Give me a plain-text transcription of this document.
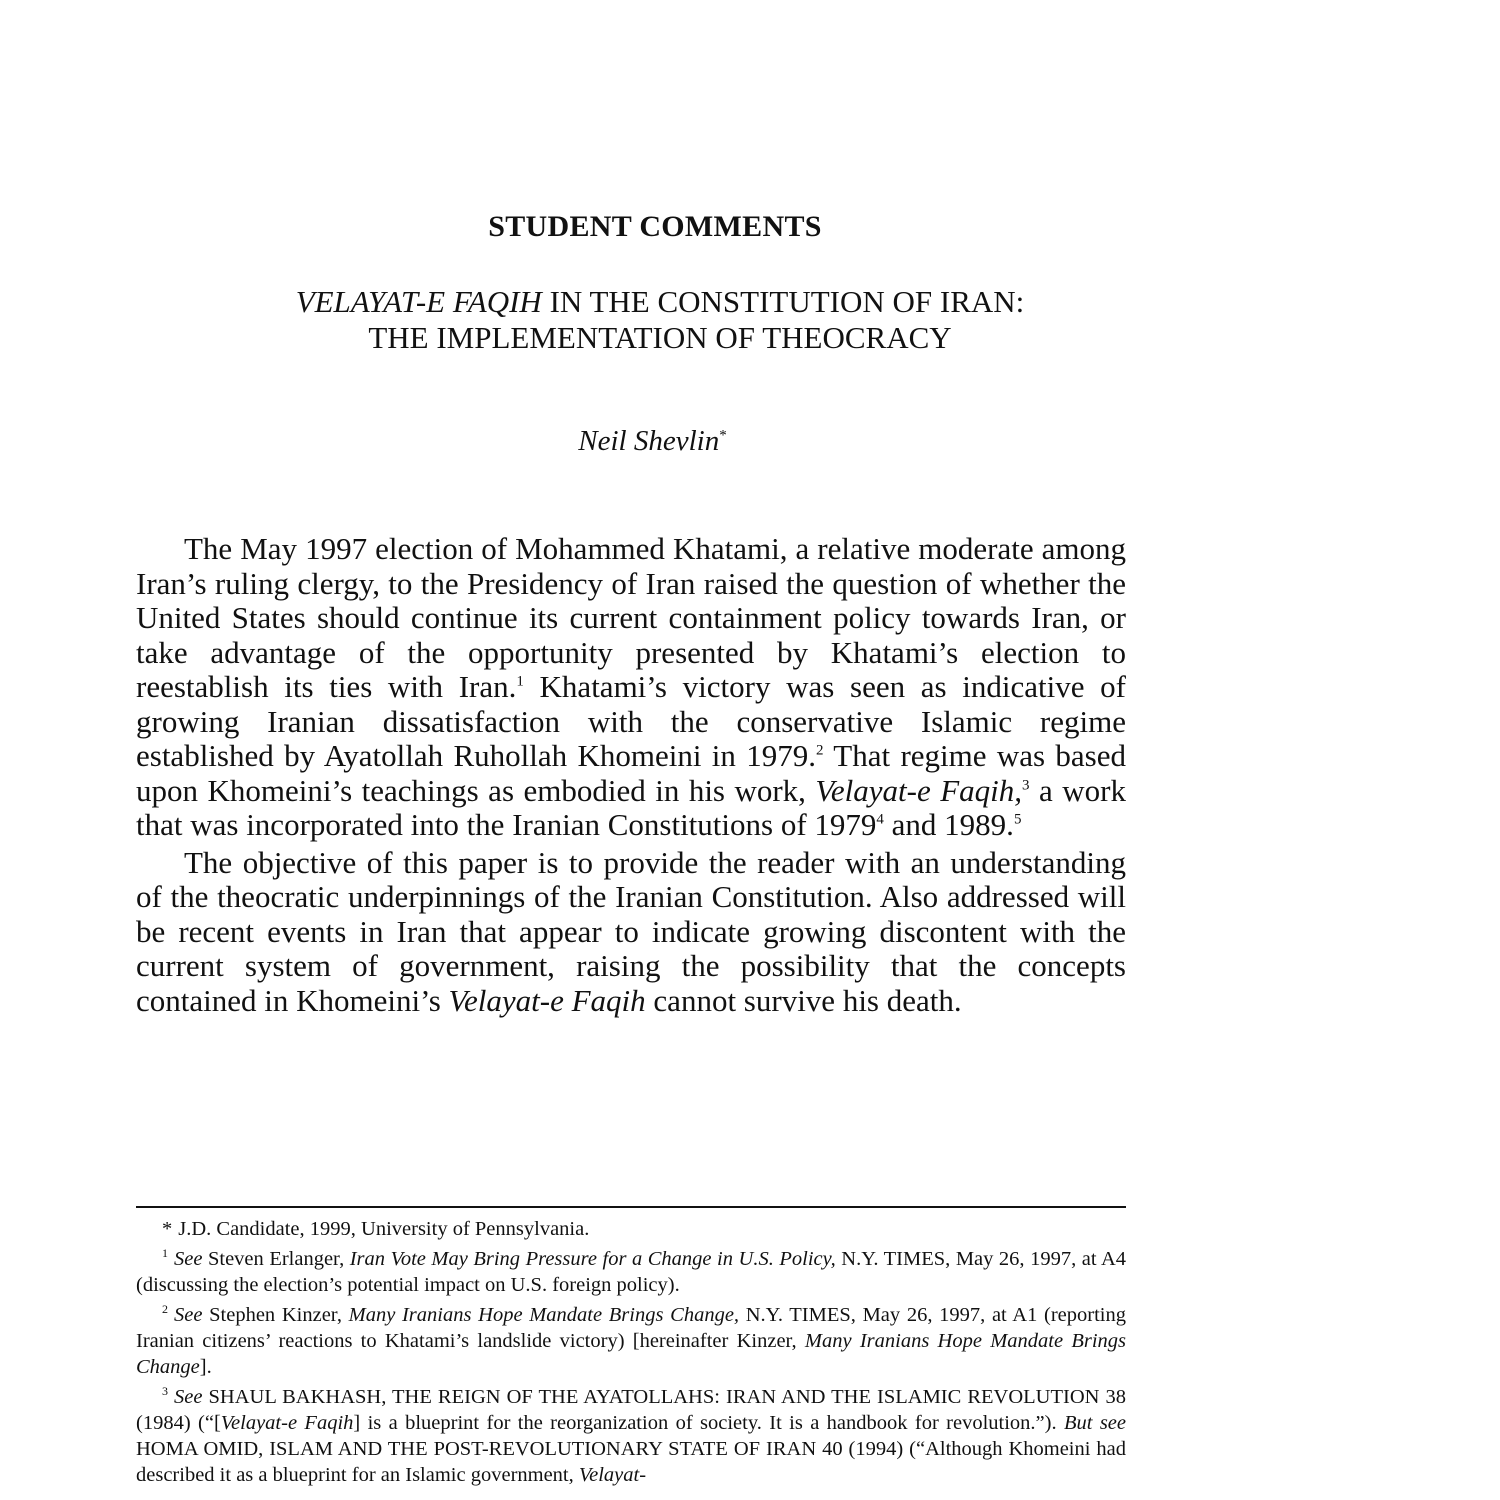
STUDENT COMMENTS
VELAYAT-E FAQIH IN THE CONSTITUTION OF IRAN:
THE IMPLEMENTATION OF THEOCRACY
Neil Shevlin*

The May 1997 election of Mohammed Khatami, a relative moderate among Iran’s ruling clergy, to the Presidency of Iran raised the question of whether the United States should continue its current containment policy towards Iran, or take advantage of the opportunity presented by Khatami’s election to reestablish its ties with Iran.$^1$ Khatami’s victory was seen as indicative of growing Iranian dissatisfaction with the conservative Islamic regime established by Ayatollah Ruhollah Khomeini in 1979.$^2$ That regime was based upon Khomeini’s teachings as embodied in his work, Velayat-e Faqih,$^3$ a work that was incorporated into the Iranian Constitutions of 1979$^4$ and 1989.$^5$

The objective of this paper is to provide the reader with an understanding of the theocratic underpinnings of the Iranian Constitution. Also addressed will be recent events in Iran that appear to indicate growing discontent with the current system of government, raising the possibility that the concepts contained in Khomeini’s Velayat-e Faqih cannot survive his death.

* J.D. Candidate, 1999, University of Pennsylvania.

$^1$ See Steven Erlanger, Iran Vote May Bring Pressure for a Change in U.S. Policy, N.Y. TIMES, May 26, 1997, at A4 (discussing the election’s potential impact on U.S. foreign policy).

$^2$ See Stephen Kinzer, Many Iranians Hope Mandate Brings Change, N.Y. TIMES, May 26, 1997, at A1 (reporting Iranian citizens’ reactions to Khatami’s landslide victory) [hereinafter Kinzer, Many Iranians Hope Mandate Brings Change].

$^3$ See SHAUL BAKHASH, THE REIGN OF THE AYATOLLAHS: IRAN AND THE ISLAMIC REVOLUTION 38 (1984) (“[Velayat-e Faqih] is a blueprint for the reorganization of society. It is a handbook for revolution.”). But see HOMA OMID, ISLAM AND THE POST-REVOLUTIONARY STATE OF IRAN 40 (1994) (“Although Khomeini had described it as a blueprint for an Islamic government, Velayat-
